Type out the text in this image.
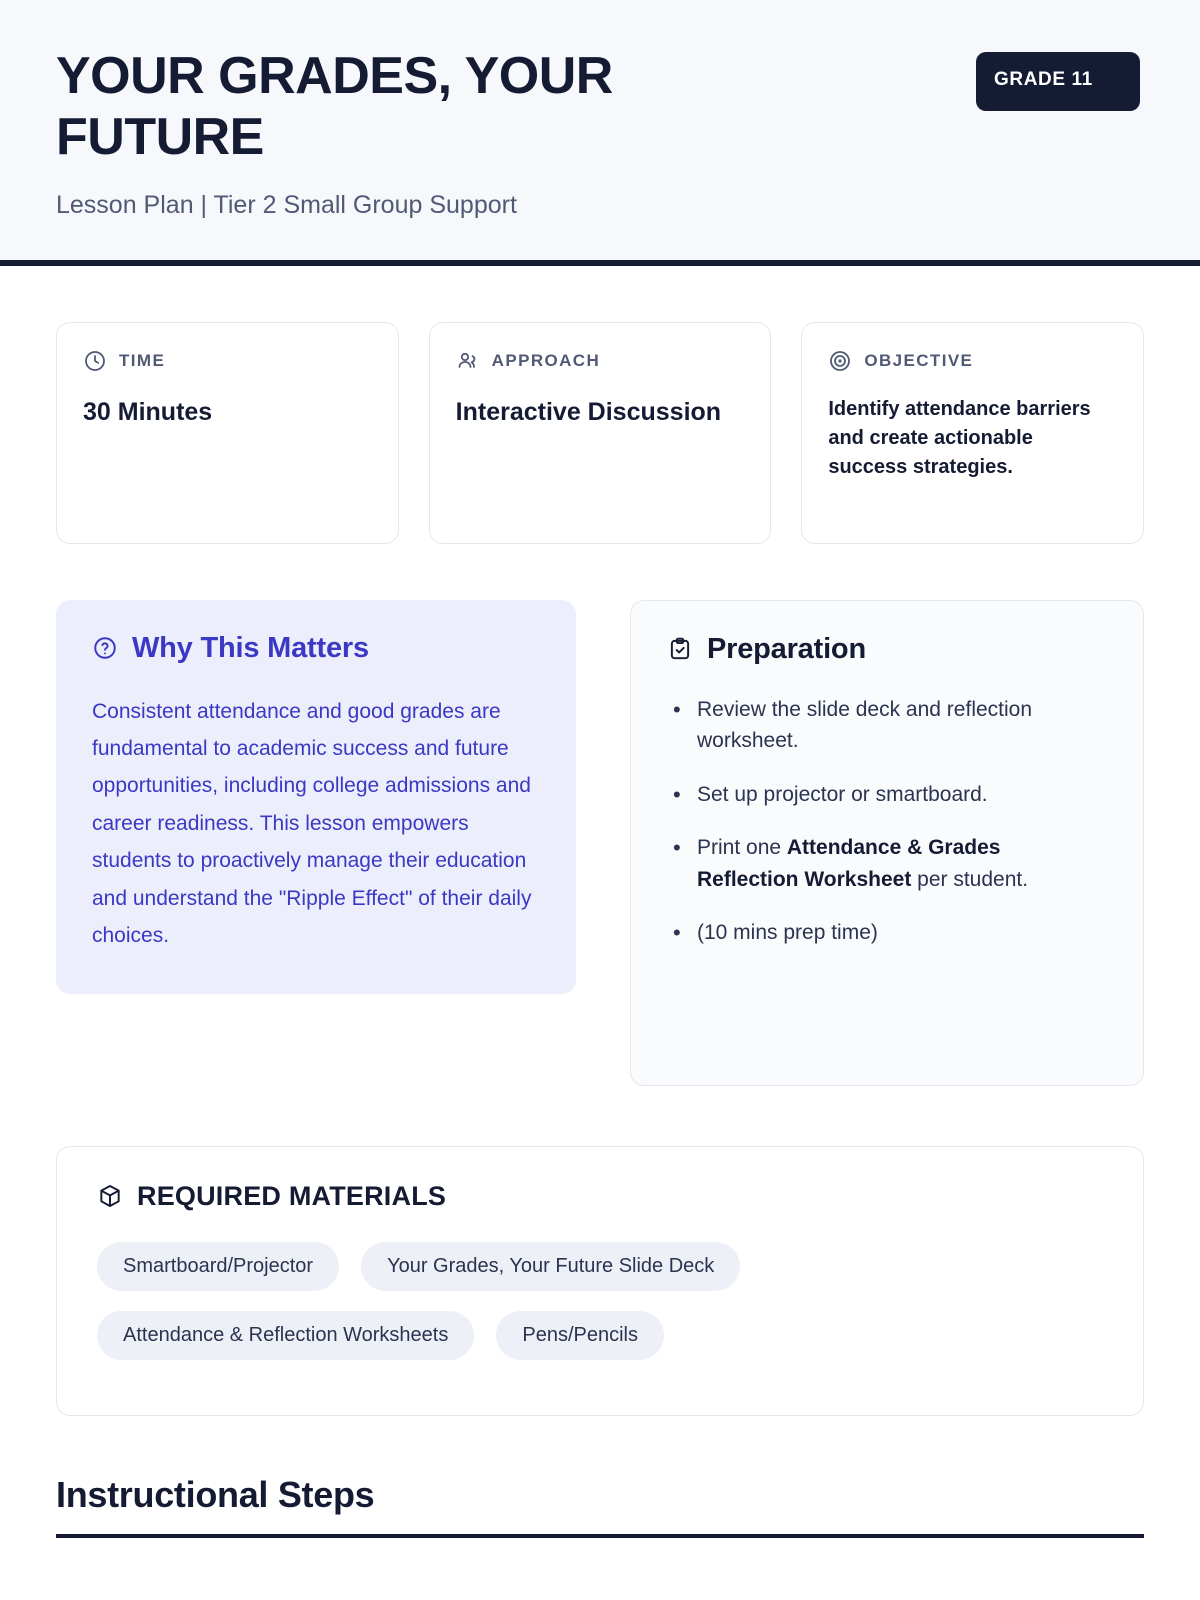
YOUR GRADES, YOUR FUTURE
Lesson Plan | Tier 2 Small Group Support
GRADE 11
TIME
30 Minutes
APPROACH
Interactive Discussion
OBJECTIVE
Identify attendance barriers and create actionable success strategies.
Why This Matters

Consistent attendance and good grades are fundamental to academic success and future opportunities, including college admissions and career readiness. This lesson empowers students to proactively manage their education and understand the "Ripple Effect" of their daily choices.

Preparation
• Review the slide deck and reflection worksheet.
• Set up projector or smartboard.
• Print one Attendance & Grades Reflection Worksheet per student.
• (10 mins prep time)
REQUIRED MATERIALS
Smartboard/Projector	Your Grades, Your Future Slide Deck
Attendance & Reflection Worksheets	Pens/Pencils
Instructional Steps
